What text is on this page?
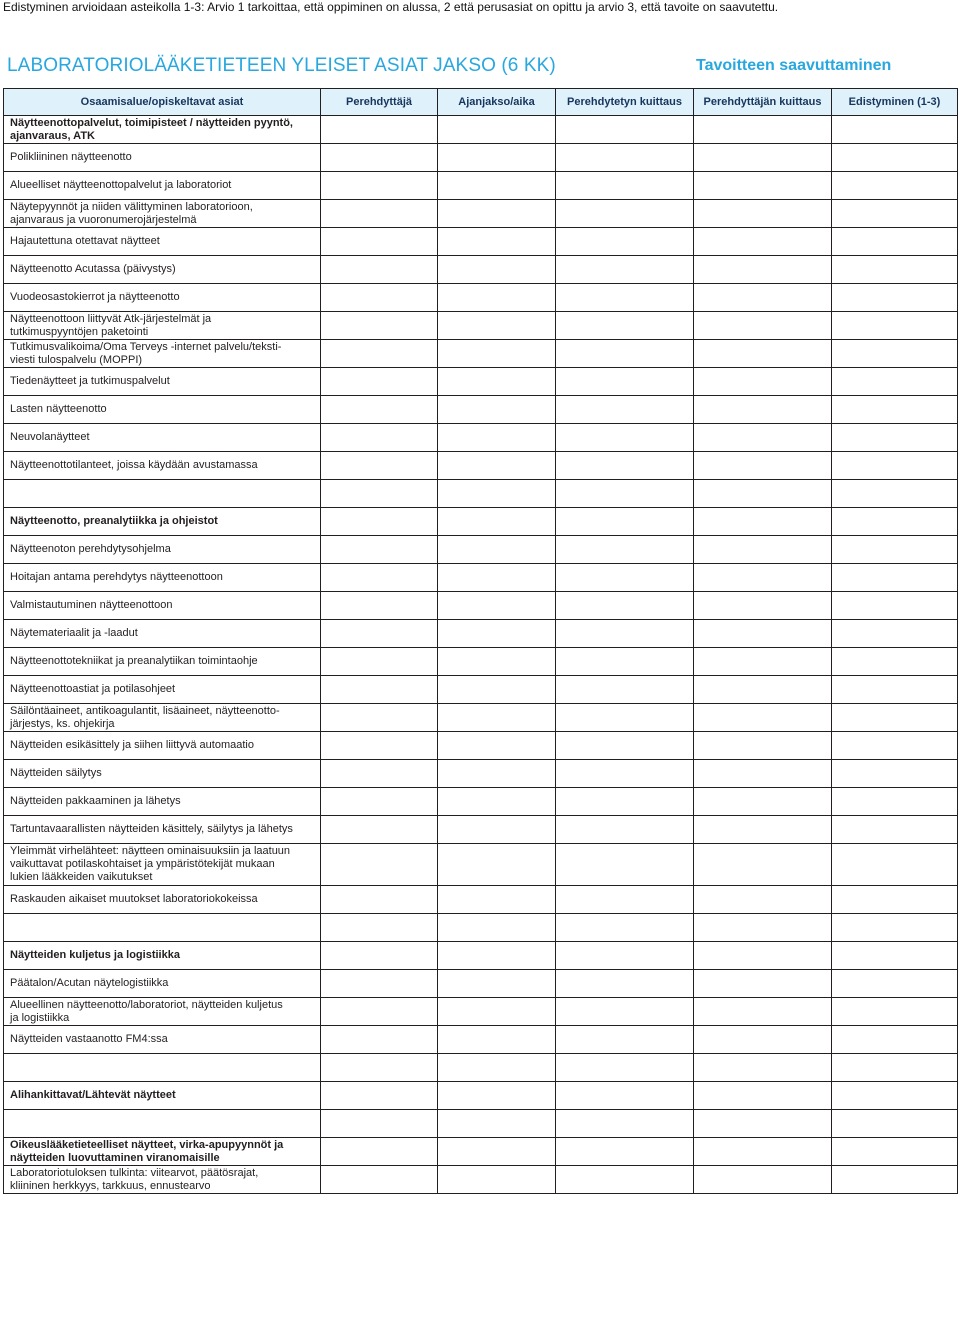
Edistyminen arvioidaan asteikolla 1-3: Arvio 1 tarkoittaa, että oppiminen on alussa, 2 että perusasiat on opittu ja arvio 3, että tavoite on saavutettu.
LABORATORIOLÄÄKETIETEEN YLEISET ASIAT JAKSO (6 KK)	Tavoitteen saavuttaminen
Osaamisalue/opiskeltavat asiat	Perehdyttäjä	Ajanjakso/aika	Perehdytetyn kuittaus	Perehdyttäjän kuittaus	Edistyminen (1-3)
Näytteenottopalvelut, toimipisteet / näytteiden pyyntö,
ajanvaraus, ATK					
Polikliininen näytteenotto					
Alueelliset näytteenottopalvelut ja laboratoriot					
Näytepyynnöt ja niiden välittyminen laboratorioon,
ajanvaraus ja vuoronumerojärjestelmä					
Hajautettuna otettavat näytteet					
Näytteenotto Acutassa (päivystys)					
Vuodeosastokierrot ja näytteenotto					
Näytteenottoon liittyvät Atk-järjestelmät ja
tutkimuspyyntöjen paketointi					
Tutkimusvalikoima/Oma Terveys -internet palvelu/teksti-
viesti tulospalvelu (MOPPI)					
Tiedenäytteet ja tutkimuspalvelut					
Lasten näytteenotto					
Neuvolanäytteet					
Näytteenottotilanteet, joissa käydään avustamassa					

Näytteenotto, preanalytiikka ja ohjeistot					
Näytteenoton perehdytysohjelma					
Hoitajan antama perehdytys näytteenottoon					
Valmistautuminen näytteenottoon					
Näytemateriaalit ja -laadut					
Näytteenottotekniikat ja preanalytiikan toimintaohje					
Näytteenottoastiat ja potilasohjeet					
Säilöntäaineet, antikoagulantit, lisäaineet, näytteenotto-
järjestys, ks. ohjekirja					
Näytteiden esikäsittely ja siihen liittyvä automaatio					
Näytteiden säilytys					
Näytteiden pakkaaminen ja lähetys					
Tartuntavaarallisten näytteiden käsittely, säilytys ja lähetys					
Yleimmät virhelähteet: näytteen ominaisuuksiin ja laatuun
vaikuttavat potilaskohtaiset ja ympäristötekijät mukaan
lukien lääkkeiden vaikutukset					
Raskauden aikaiset muutokset laboratoriokokeissa					

Näytteiden kuljetus ja logistiikka					
Päätalon/Acutan näytelogistiikka					
Alueellinen näytteenotto/laboratoriot, näytteiden kuljetus
ja logistiikka					
Näytteiden vastaanotto FM4:ssa					

Alihankittavat/Lähtevät näytteet					

Oikeuslääketieteelliset näytteet, virka-apupyynnöt ja
näytteiden luovuttaminen viranomaisille					
Laboratoriotuloksen tulkinta: viitearvot, päätösrajat,
kliininen herkkyys, tarkkuus, ennustearvo					
